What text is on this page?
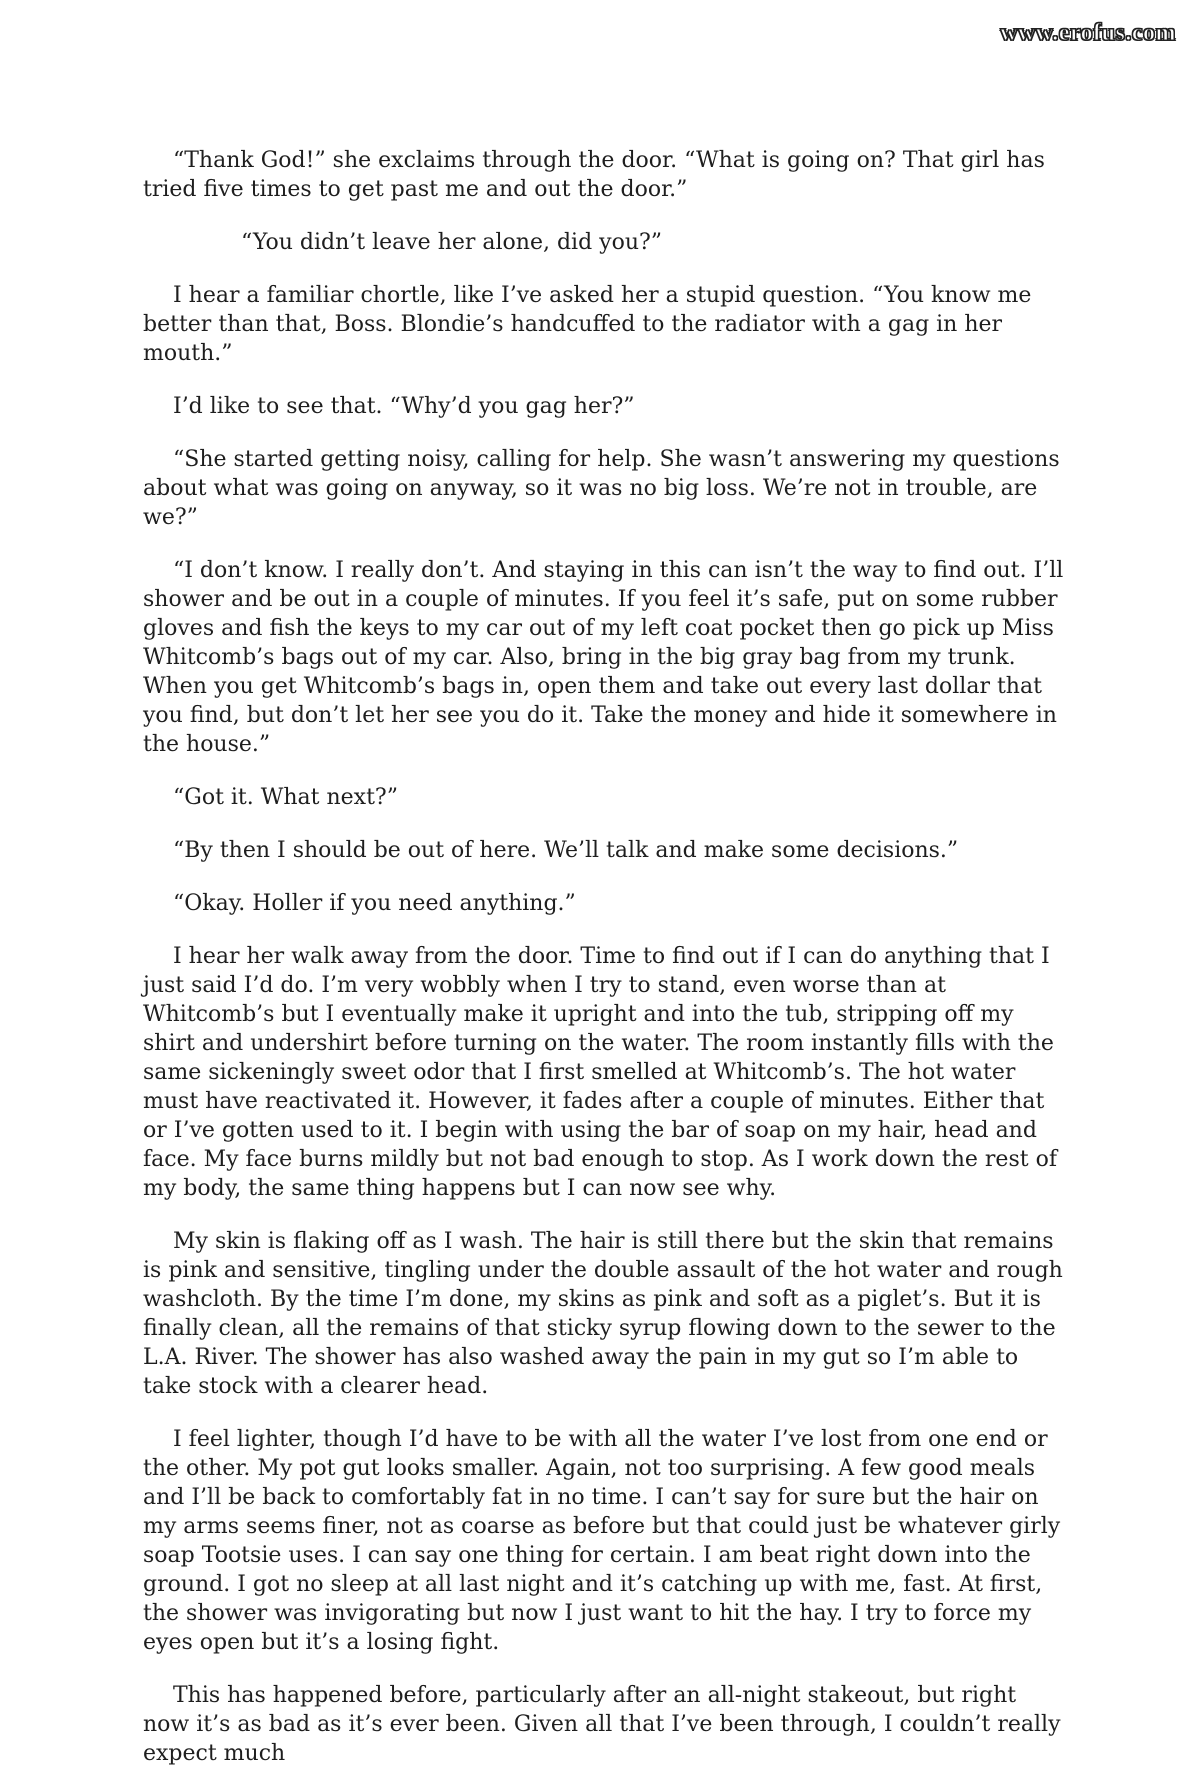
www.erofus.com

“Thank God!” she exclaims through the door. “What is going on? That girl has tried five times to get past me and out the door.”

“You didn’t leave her alone, did you?”

I hear a familiar chortle, like I’ve asked her a stupid question. “You know me better than that, Boss. Blondie’s handcuffed to the radiator with a gag in her mouth.”

I’d like to see that. “Why’d you gag her?”

“She started getting noisy, calling for help. She wasn’t answering my questions about what was going on anyway, so it was no big loss. We’re not in trouble, are we?”

“I don’t know. I really don’t. And staying in this can isn’t the way to find out. I’ll shower and be out in a couple of minutes. If you feel it’s safe, put on some rubber gloves and fish the keys to my car out of my left coat pocket then go pick up Miss Whitcomb’s bags out of my car. Also, bring in the big gray bag from my trunk. When you get Whitcomb’s bags in, open them and take out every last dollar that you find, but don’t let her see you do it. Take the money and hide it somewhere in the house.”

“Got it. What next?”

“By then I should be out of here. We’ll talk and make some decisions.”

“Okay. Holler if you need anything.”

I hear her walk away from the door. Time to find out if I can do anything that I just said I’d do. I’m very wobbly when I try to stand, even worse than at Whitcomb’s but I eventually make it upright and into the tub, stripping off my shirt and undershirt before turning on the water. The room instantly fills with the same sickeningly sweet odor that I first smelled at Whitcomb’s. The hot water must have reactivated it. However, it fades after a couple of minutes. Either that or I’ve gotten used to it. I begin with using the bar of soap on my hair, head and face. My face burns mildly but not bad enough to stop. As I work down the rest of my body, the same thing happens but I can now see why.

My skin is flaking off as I wash. The hair is still there but the skin that remains is pink and sensitive, tingling under the double assault of the hot water and rough washcloth. By the time I’m done, my skins as pink and soft as a piglet’s. But it is finally clean, all the remains of that sticky syrup flowing down to the sewer to the L.A. River. The shower has also washed away the pain in my gut so I’m able to take stock with a clearer head.

I feel lighter, though I’d have to be with all the water I’ve lost from one end or the other. My pot gut looks smaller. Again, not too surprising. A few good meals and I’ll be back to comfortably fat in no time. I can’t say for sure but the hair on my arms seems finer, not as coarse as before but that could just be whatever girly soap Tootsie uses. I can say one thing for certain. I am beat right down into the ground. I got no sleep at all last night and it’s catching up with me, fast. At first, the shower was invigorating but now I just want to hit the hay. I try to force my eyes open but it’s a losing fight.

This has happened before, particularly after an all-night stakeout, but right now it’s as bad as it’s ever been. Given all that I’ve been through, I couldn’t really expect much
